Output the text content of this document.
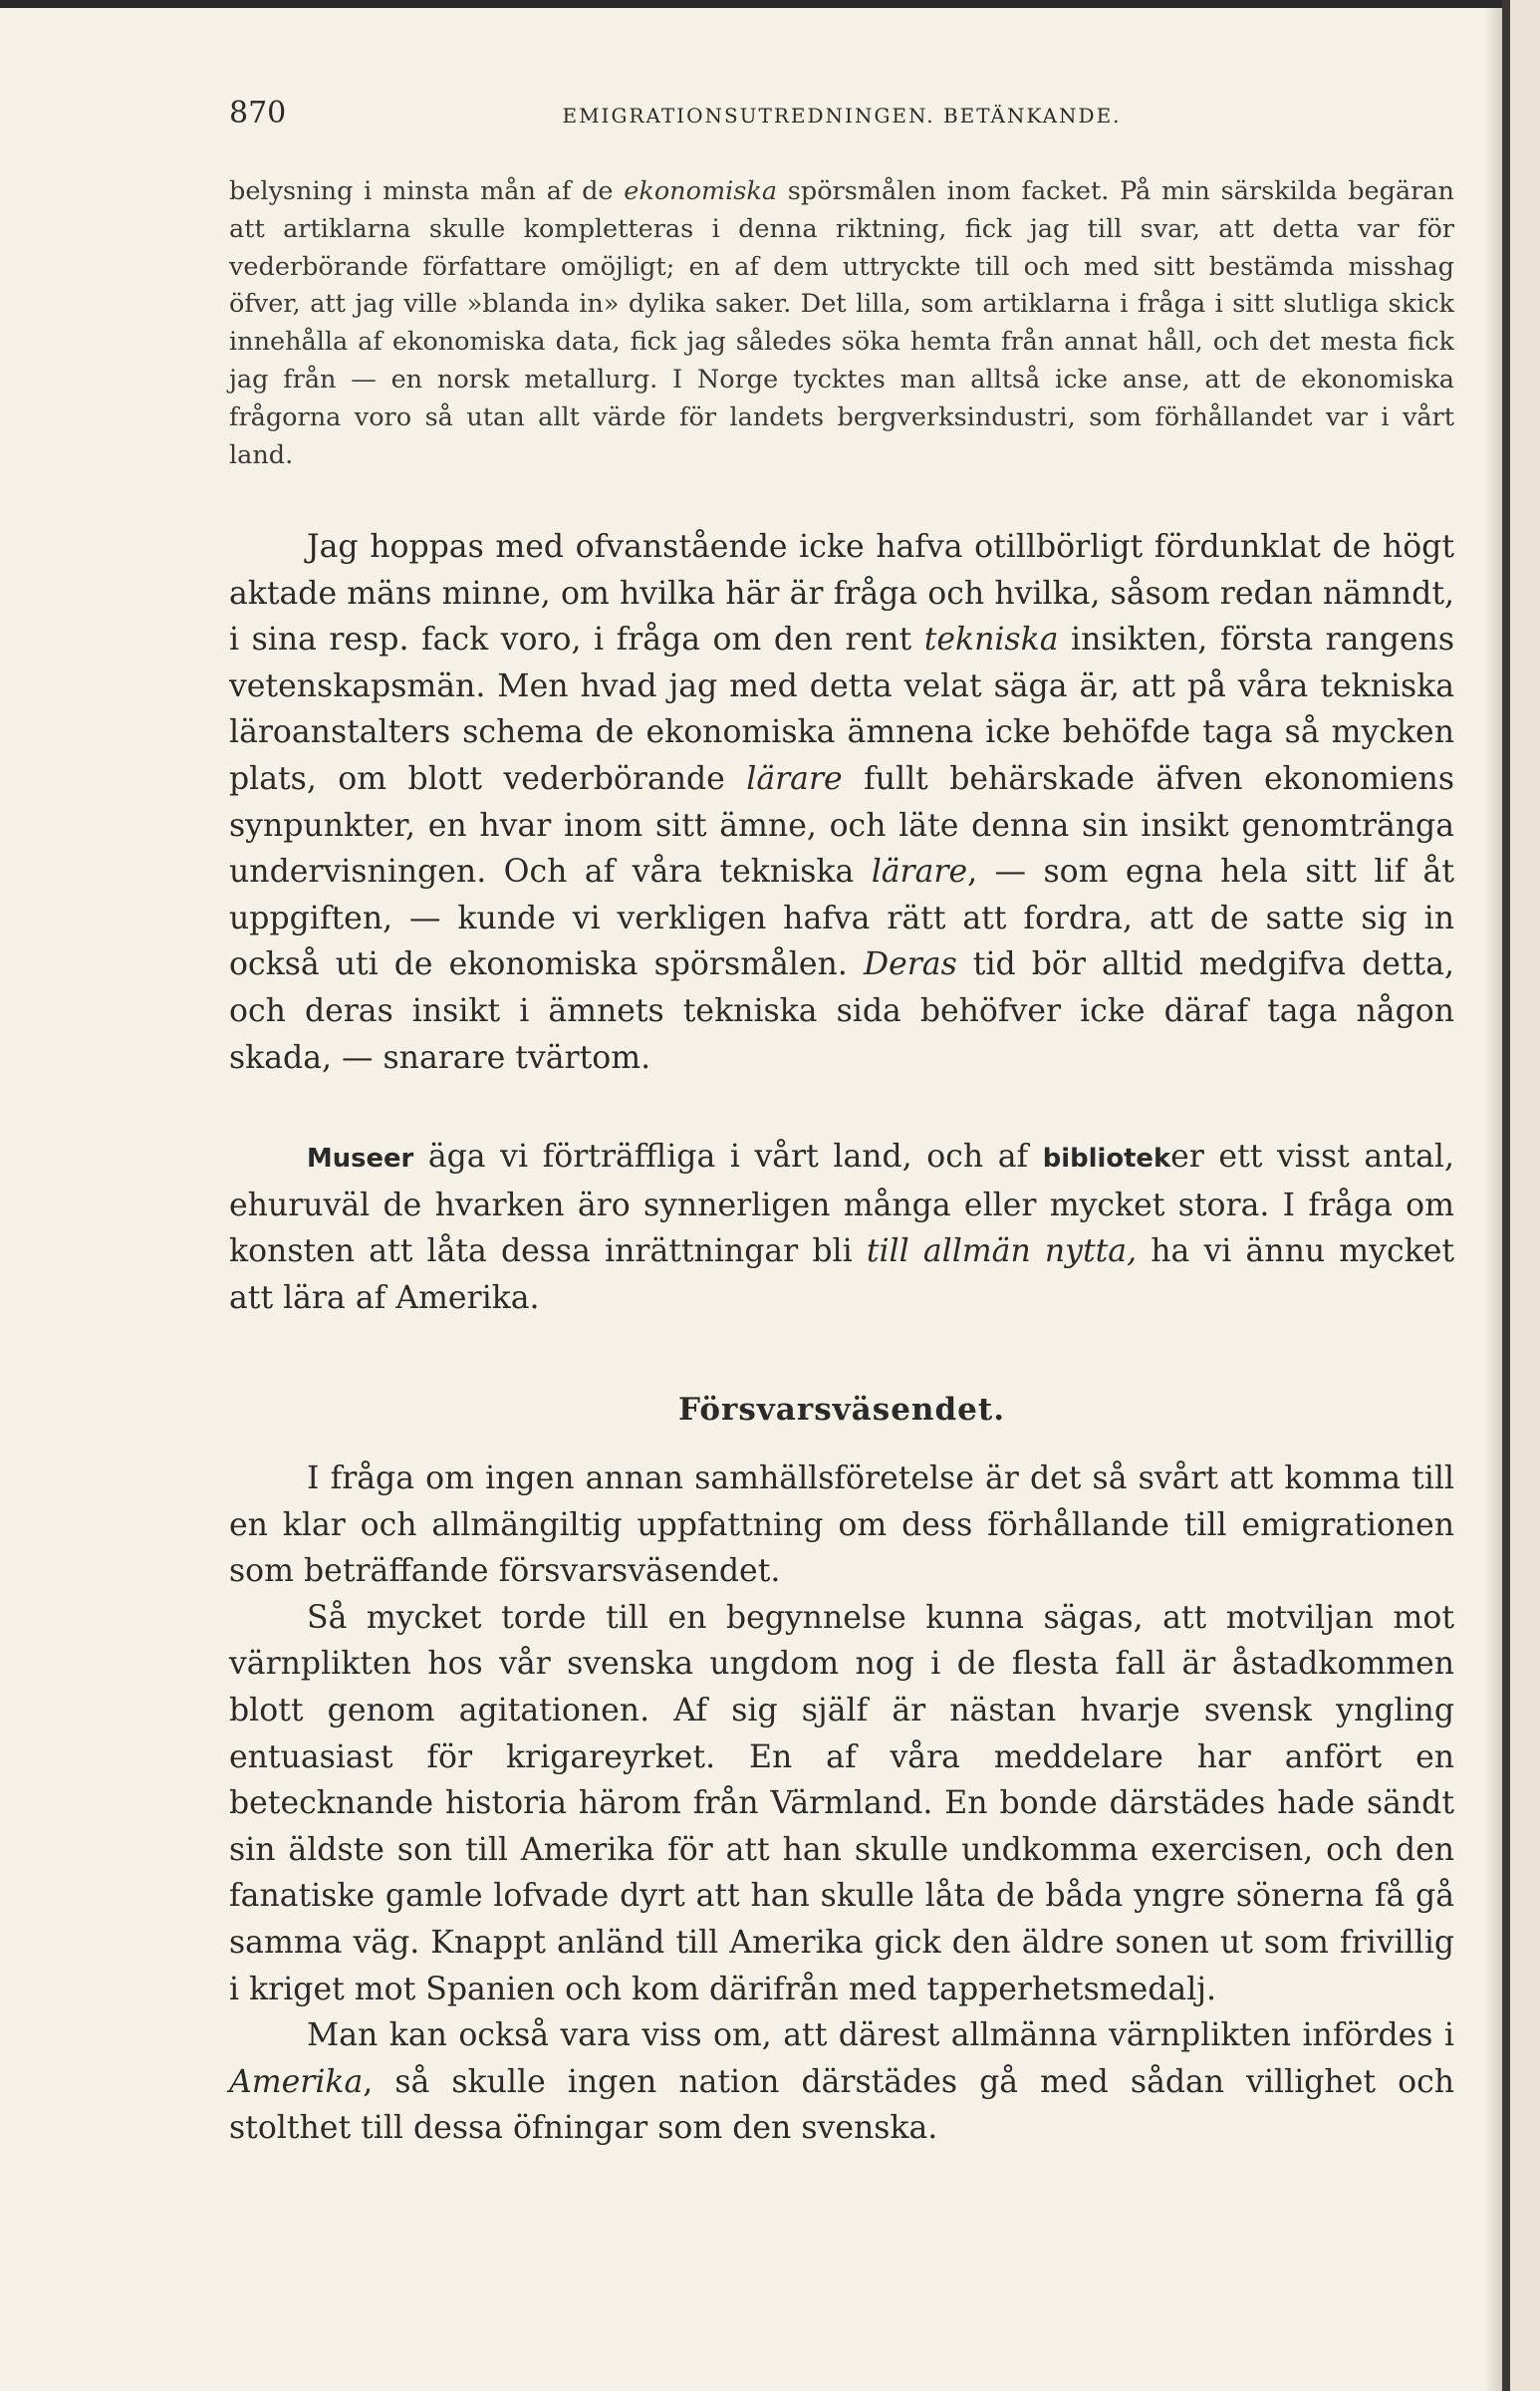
870	EMIGRATIONSUTREDNINGEN. BETÄNKANDE.

belysning i minsta mån af de ekonomiska spörsmålen inom facket. På min särskilda begäran att artiklarna skulle kompletteras i denna riktning, fick jag till svar, att detta var för vederbörande författare omöjligt; en af dem uttryckte till och med sitt bestämda misshag öfver, att jag ville »blanda in» dylika saker. Det lilla, som artiklarna i fråga i sitt slutliga skick innehålla af ekonomiska data, fick jag således söka hemta från annat håll, och det mesta fick jag från — en norsk metallurg. I Norge tycktes man alltså icke anse, att de ekonomiska frågorna voro så utan allt värde för landets bergverksindustri, som förhållandet var i vårt land.

Jag hoppas med ofvanstående icke hafva otillbörligt fördunklat de högt aktade mäns minne, om hvilka här är fråga och hvilka, såsom redan nämndt, i sina resp. fack voro, i fråga om den rent tekniska insikten, första rangens vetenskapsmän. Men hvad jag med detta velat säga är, att på våra tekniska läroanstalters schema de ekonomiska ämnena icke behöfde taga så mycken plats, om blott vederbörande lärare fullt behärskade äfven ekonomiens synpunkter, en hvar inom sitt ämne, och läte denna sin insikt genomtränga undervisningen. Och af våra tekniska lärare, — som egna hela sitt lif åt uppgiften, — kunde vi verkligen hafva rätt att fordra, att de satte sig in också uti de ekonomiska spörsmålen. Deras tid bör alltid medgifva detta, och deras insikt i ämnets tekniska sida behöfver icke däraf taga någon skada, — snarare tvärtom.

Museer äga vi förträffliga i vårt land, och af biblioteker ett visst antal, ehuruväl de hvarken äro synnerligen många eller mycket stora. I fråga om konsten att låta dessa inrättningar bli till allmän nytta, ha vi ännu mycket att lära af Amerika.

Försvarsväsendet.

I fråga om ingen annan samhällsföretelse är det så svårt att komma till en klar och allmängiltig uppfattning om dess förhållande till emigrationen som beträffande försvarsväsendet.

Så mycket torde till en begynnelse kunna sägas, att motviljan mot värnplikten hos vår svenska ungdom nog i de flesta fall är åstadkommen blott genom agitationen. Af sig själf är nästan hvarje svensk yngling entuasiast för krigareyrket. En af våra meddelare har anfört en betecknande historia härom från Värmland. En bonde därstädes hade sändt sin äldste son till Amerika för att han skulle undkomma exercisen, och den fanatiske gamle lofvade dyrt att han skulle låta de båda yngre sönerna få gå samma väg. Knappt anländ till Amerika gick den äldre sonen ut som frivillig i kriget mot Spanien och kom därifrån med tapperhetsmedalj.

Man kan också vara viss om, att därest allmänna värnplikten infördes i Amerika, så skulle ingen nation därstädes gå med sådan villighet och stolthet till dessa öfningar som den svenska.
